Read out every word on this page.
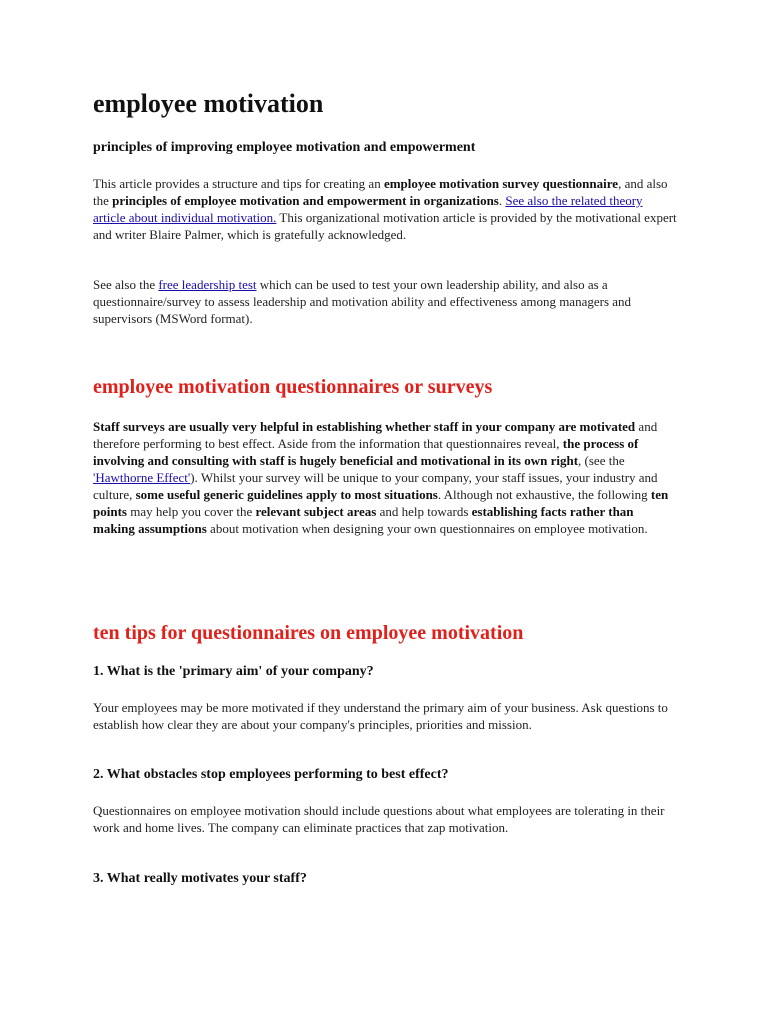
employee motivation
principles of improving employee motivation and empowerment

This article provides a structure and tips for creating an employee motivation survey questionnaire, and also the principles of employee motivation and empowerment in organizations. See also the related theory article about individual motivation. This organizational motivation article is provided by the motivational expert and writer Blaire Palmer, which is gratefully acknowledged.

See also the free leadership test which can be used to test your own leadership ability, and also as a questionnaire/survey to assess leadership and motivation ability and effectiveness among managers and supervisors (MSWord format).

employee motivation questionnaires or surveys

Staff surveys are usually very helpful in establishing whether staff in your company are motivated and therefore performing to best effect. Aside from the information that questionnaires reveal, the process of involving and consulting with staff is hugely beneficial and motivational in its own right, (see the 'Hawthorne Effect'). Whilst your survey will be unique to your company, your staff issues, your industry and culture, some useful generic guidelines apply to most situations. Although not exhaustive, the following ten points may help you cover the relevant subject areas and help towards establishing facts rather than making assumptions about motivation when designing your own questionnaires on employee motivation.

ten tips for questionnaires on employee motivation
1. What is the 'primary aim' of your company?

Your employees may be more motivated if they understand the primary aim of your business. Ask questions to establish how clear they are about your company's principles, priorities and mission.

2. What obstacles stop employees performing to best effect?

Questionnaires on employee motivation should include questions about what employees are tolerating in their work and home lives. The company can eliminate practices that zap motivation.

3. What really motivates your staff?
